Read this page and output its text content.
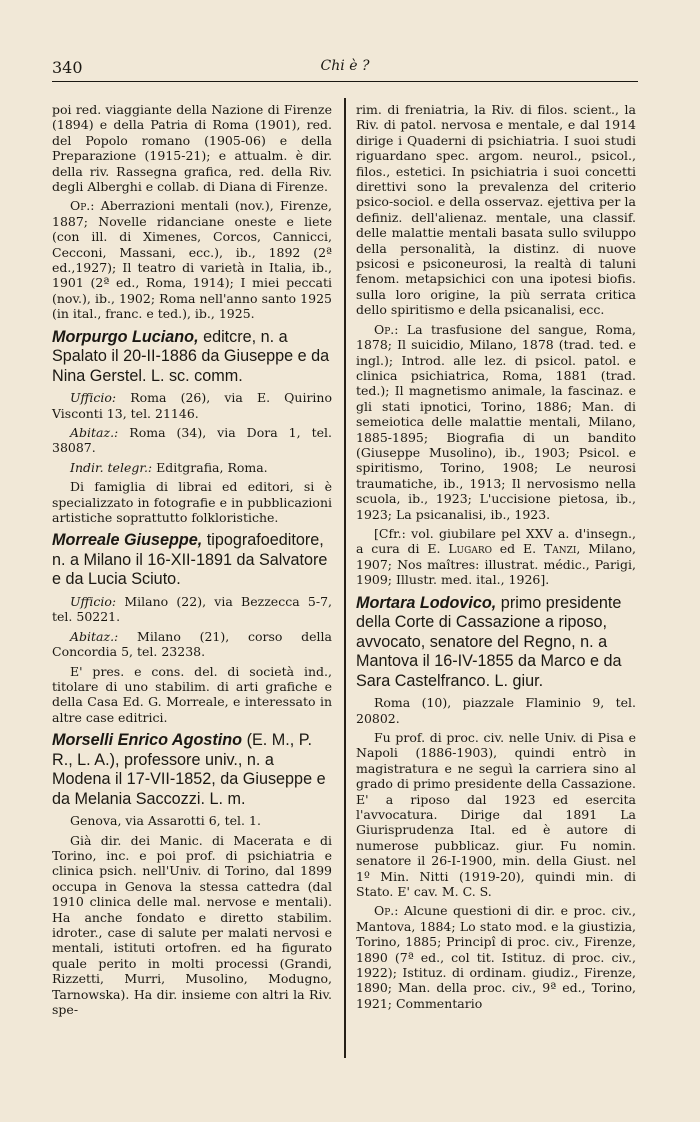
340	Chi è ?

poi red. viaggiante della Nazione di Firenze (1894) e della Patria di Roma (1901), red. del Popolo romano (1905-06) e della Preparazione (1915-21); e attualm. è dir. della riv. Rassegna grafica, red. della Riv. degli Alberghi e collab. di Diana di Firenze.

Op.: Aberrazioni mentali (nov.), Firenze, 1887; Novelle ridanciane oneste e liete (con ill. di Ximenes, Corcos, Cannicci, Cecconi, Massani, ecc.), ib., 1892 (2ª ed.,1927); Il teatro di varietà in Italia, ib., 1901 (2ª ed., Roma, 1914); I miei peccati (nov.), ib., 1902; Roma nell'anno santo 1925 (in ital., franc. e ted.), ib., 1925.

Morpurgo Luciano, editcre, n. a Spalato il 20-II-1886 da Giuseppe e da Nina Gerstel. L. sc. comm.

Ufficio: Roma (26), via E. Quirino Visconti 13, tel. 21146.

Abitaz.: Roma (34), via Dora 1, tel. 38087.

Indir. telegr.: Editgrafia, Roma.

Di famiglia di librai ed editori, si è specializzato in fotografie e in pubblicazioni artistiche soprattutto folkloristiche.

Morreale Giuseppe, tipografoeditore, n. a Milano il 16-XII-1891 da Salvatore e da Lucia Sciuto.

Ufficio: Milano (22), via Bezzecca 5-7, tel. 50221.

Abitaz.: Milano (21), corso della Concordia 5, tel. 23238.

E' pres. e cons. del. di società ind., titolare di uno stabilim. di arti grafiche e della Casa Ed. G. Morreale, e interessato in altre case editrici.

Morselli Enrico Agostino (E. M., P. R., L. A.), professore univ., n. a Modena il 17-VII-1852, da Giuseppe e da Melania Saccozzi. L. m.

Genova, via Assarotti 6, tel. 1.

Già dir. dei Manic. di Macerata e di Torino, inc. e poi prof. di psichiatria e clinica psich. nell'Univ. di Torino, dal 1899 occupa in Genova la stessa cattedra (dal 1910 clinica delle mal. nervose e mentali). Ha anche fondato e diretto stabilim. idroter., case di salute per malati nervosi e mentali, istituti ortofren. ed ha figurato quale perito in molti processi (Grandi, Rizzetti, Murri, Musolino, Modugno, Tarnowska). Ha dir. insieme con altri la Riv. spe-

rim. di freniatria, la Riv. di filos. scient., la Riv. di patol. nervosa e mentale, e dal 1914 dirige i Quaderni di psichiatria. I suoi studi riguardano spec. argom. neurol., psicol., filos., estetici. In psichiatria i suoi concetti direttivi sono la prevalenza del criterio psico-sociol. e della osservaz. ejettiva per la definiz. dell'alienaz. mentale, una classif. delle malattie mentali basata sullo sviluppo della personalità, la distinz. di nuove psicosi e psiconeurosi, la realtà di taluni fenom. metapsichici con una ipotesi biofis. sulla loro origine, la più serrata critica dello spiritismo e della psicanalisi, ecc.

Op.: La trasfusione del sangue, Roma, 1878; Il suicidio, Milano, 1878 (trad. ted. e ingl.); Introd. alle lez. di psicol. patol. e clinica psichiatrica, Roma, 1881 (trad. ted.); Il magnetismo animale, la fascinaz. e gli stati ipnotici, Torino, 1886; Man. di semeiotica delle malattie mentali, Milano, 1885-1895; Biografia di un bandito (Giuseppe Musolino), ib., 1903; Psicol. e spiritismo, Torino, 1908; Le neurosi traumatiche, ib., 1913; Il nervosismo nella scuola, ib., 1923; L'uccisione pietosa, ib., 1923; La psicanalisi, ib., 1923.

[Cfr.: vol. giubilare pel XXV a. d'insegn., a cura di E. Lugaro ed E. Tanzi, Milano, 1907; Nos maîtres: illustrat. médic., Parigi, 1909; Illustr. med. ital., 1926].

Mortara Lodovico, primo presidente della Corte di Cassazione a riposo, avvocato, senatore del Regno, n. a Mantova il 16-IV-1855 da Marco e da Sara Castelfranco. L. giur.

Roma (10), piazzale Flaminio 9, tel. 20802.

Fu prof. di proc. civ. nelle Univ. di Pisa e Napoli (1886-1903), quindi entrò in magistratura e ne seguì la carriera sino al grado di primo presidente della Cassazione. E' a riposo dal 1923 ed esercita l'avvocatura. Dirige dal 1891 La Giurisprudenza Ital. ed è autore di numerose pubblicaz. giur. Fu nomin. senatore il 26-I-1900, min. della Giust. nel 1º Min. Nitti (1919-20), quindi min. di Stato. E' cav. M. C. S.

Op.: Alcune questioni di dir. e proc. civ., Mantova, 1884; Lo stato mod. e la giustizia, Torino, 1885; Principî di proc. civ., Firenze, 1890 (7ª ed., col tit. Istituz. di proc. civ., 1922); Istituz. di ordinam. giudiz., Firenze, 1890; Man. della proc. civ., 9ª ed., Torino, 1921; Commentario
